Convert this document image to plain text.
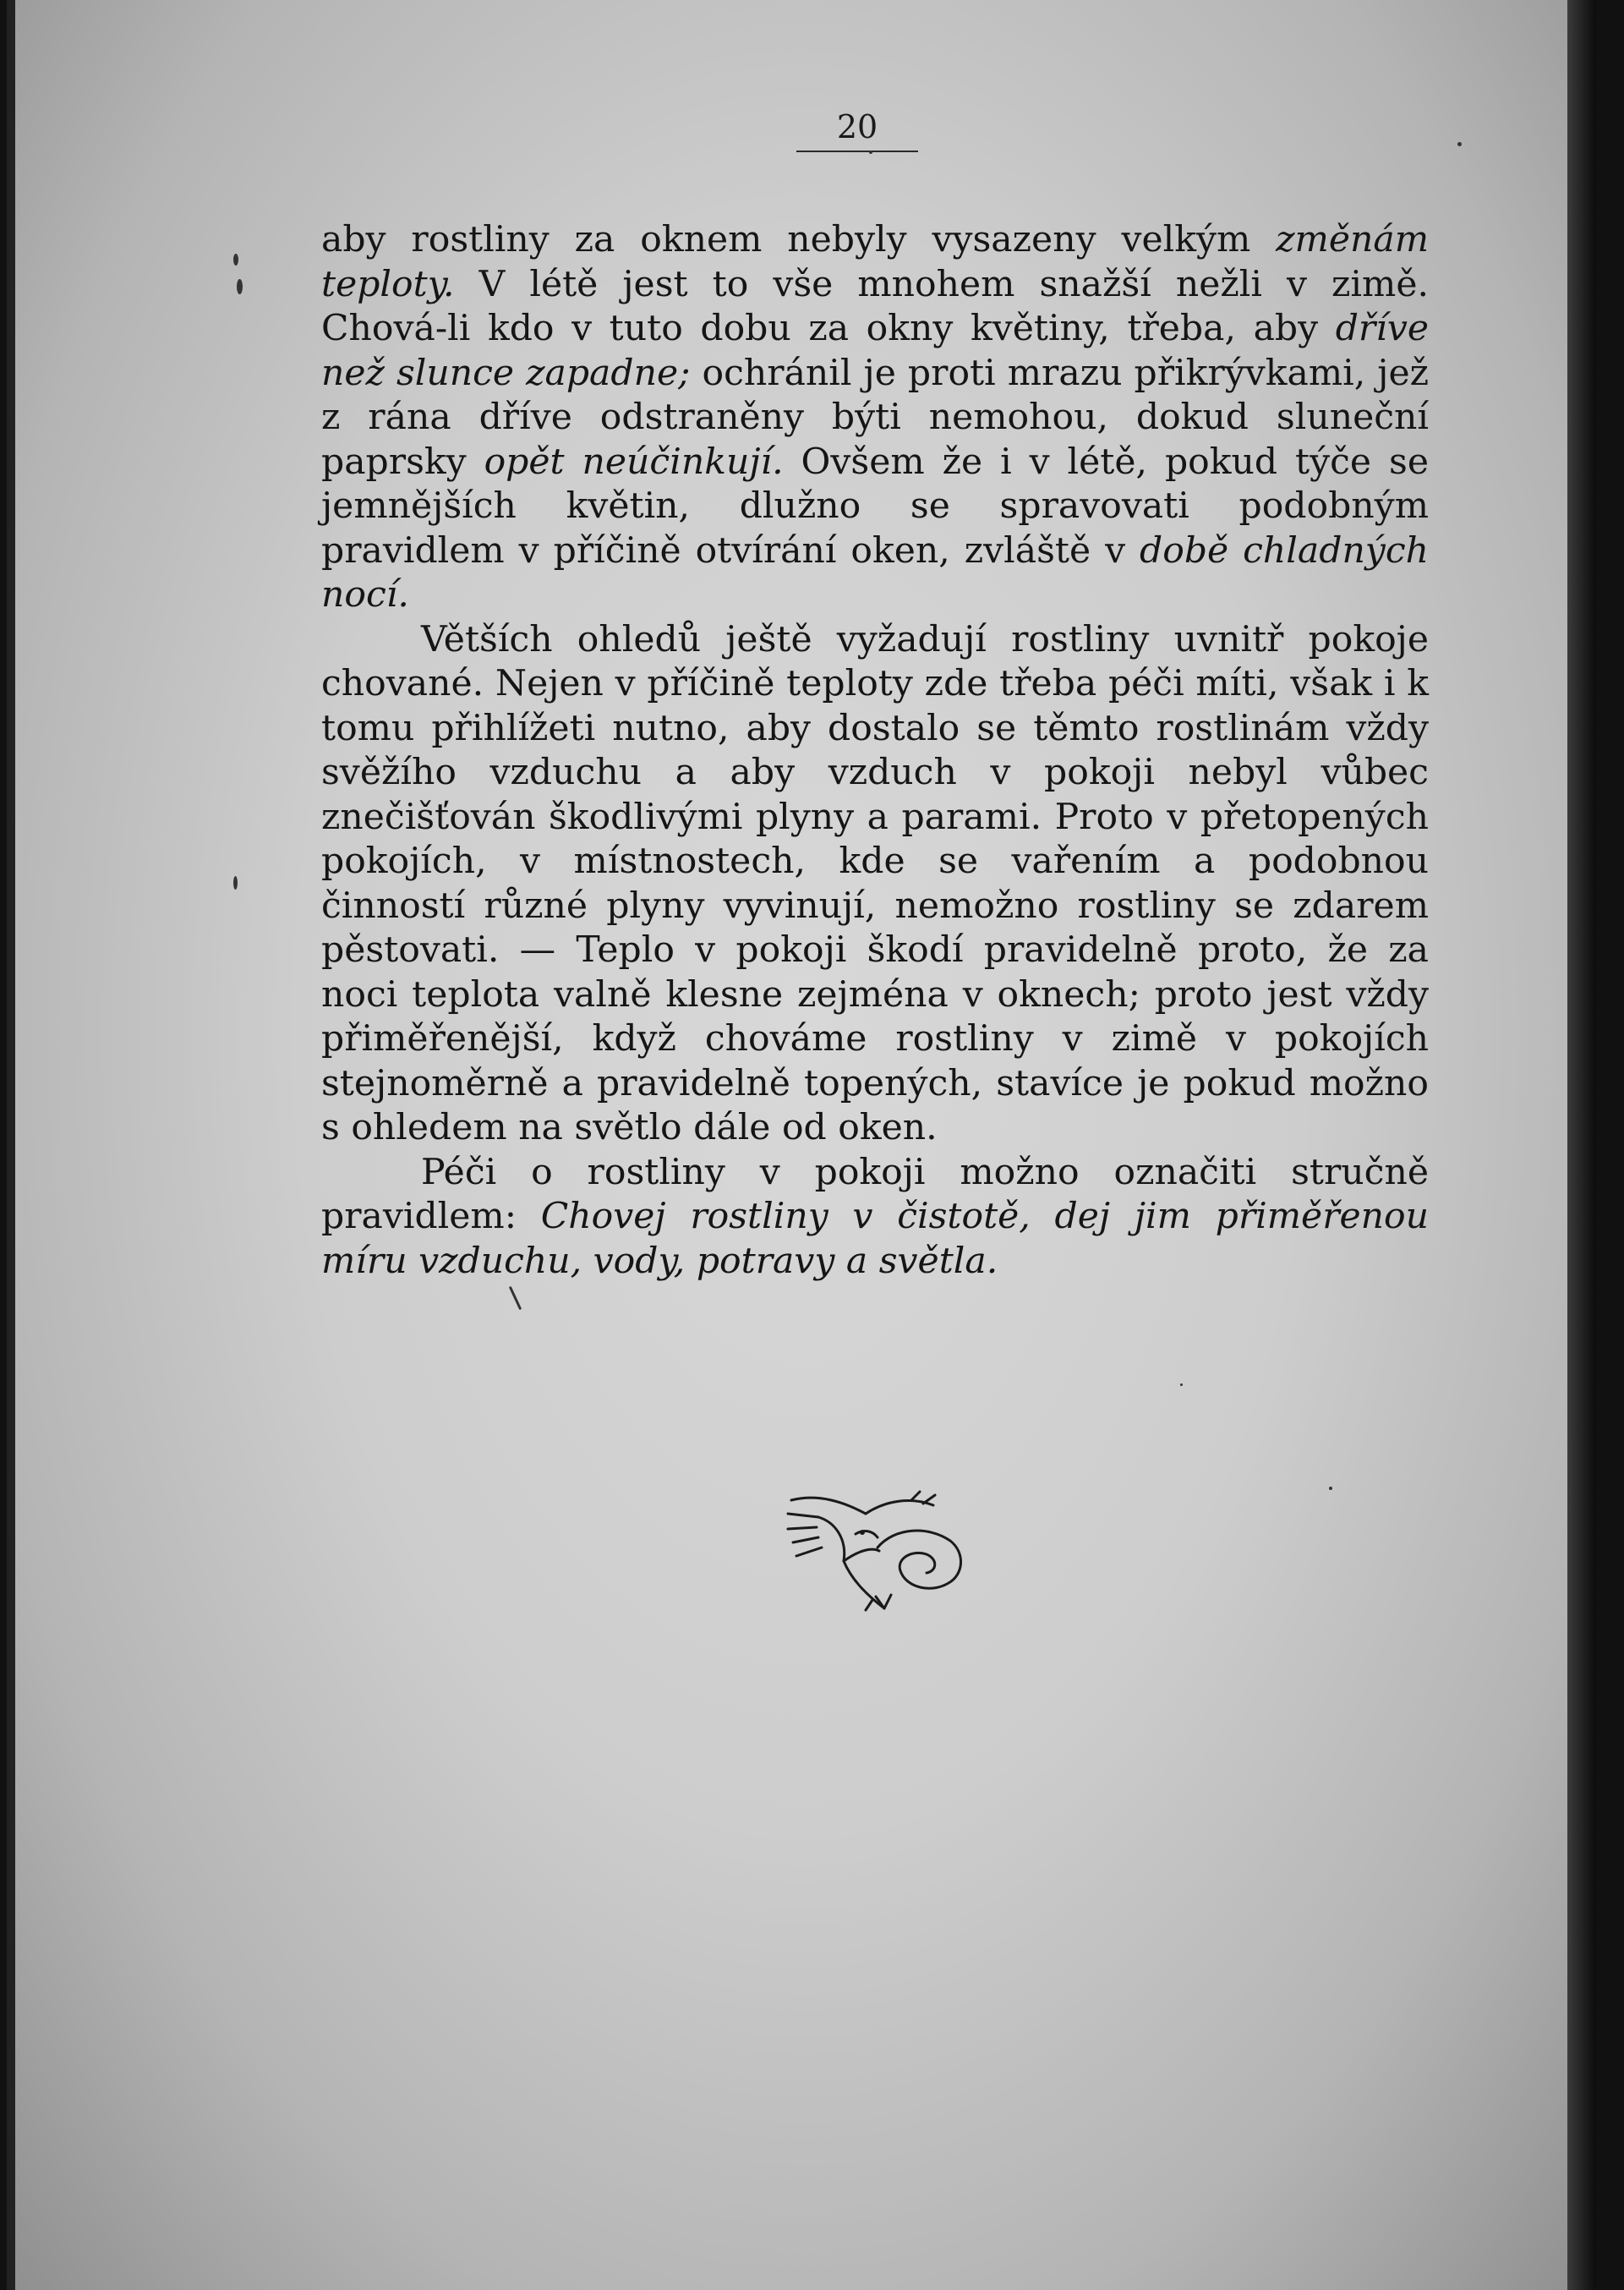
20

aby rostliny za oknem nebyly vysazeny velkým změnám teploty. V létě jest to vše mnohem snažší nežli v zimě. Chová-li kdo v tuto dobu za okny květiny, třeba, aby dříve než slunce zapadne; ochránil je proti mrazu přikrývkami, jež z rána dříve odstraněny býti nemohou, dokud sluneční paprsky opět neúčinkují. Ovšem že i v létě, pokud týče se jemnějších květin, dlužno se spravovati podobným pravidlem v příčině otvírání oken, zvláště v době chladných nocí.

Větších ohledů ještě vyžadují rostliny uvnitř pokoje chované. Nejen v příčině teploty zde třeba péči míti, však i k tomu přihlížeti nutno, aby dostalo se těmto rostlinám vždy svěžího vzduchu a aby vzduch v pokoji nebyl vůbec znečišťován škodlivými plyny a parami. Proto v přetopených pokojích, v místnostech, kde se vařením a podobnou činností různé plyny vyvinují, nemožno rostliny se zdarem pěstovati. — Teplo v pokoji škodí pravidelně proto, že za noci teplota valně klesne zejména v oknech; proto jest vždy přiměřenější, když chováme rostliny v zimě v pokojích stejnoměrně a pravidelně topených, stavíce je pokud možno s ohledem na světlo dále od oken.

Péči o rostliny v pokoji možno označiti stručně pravidlem: Chovej rostliny v čistotě, dej jim přiměřenou míru vzduchu, vody, potravy a světla.
